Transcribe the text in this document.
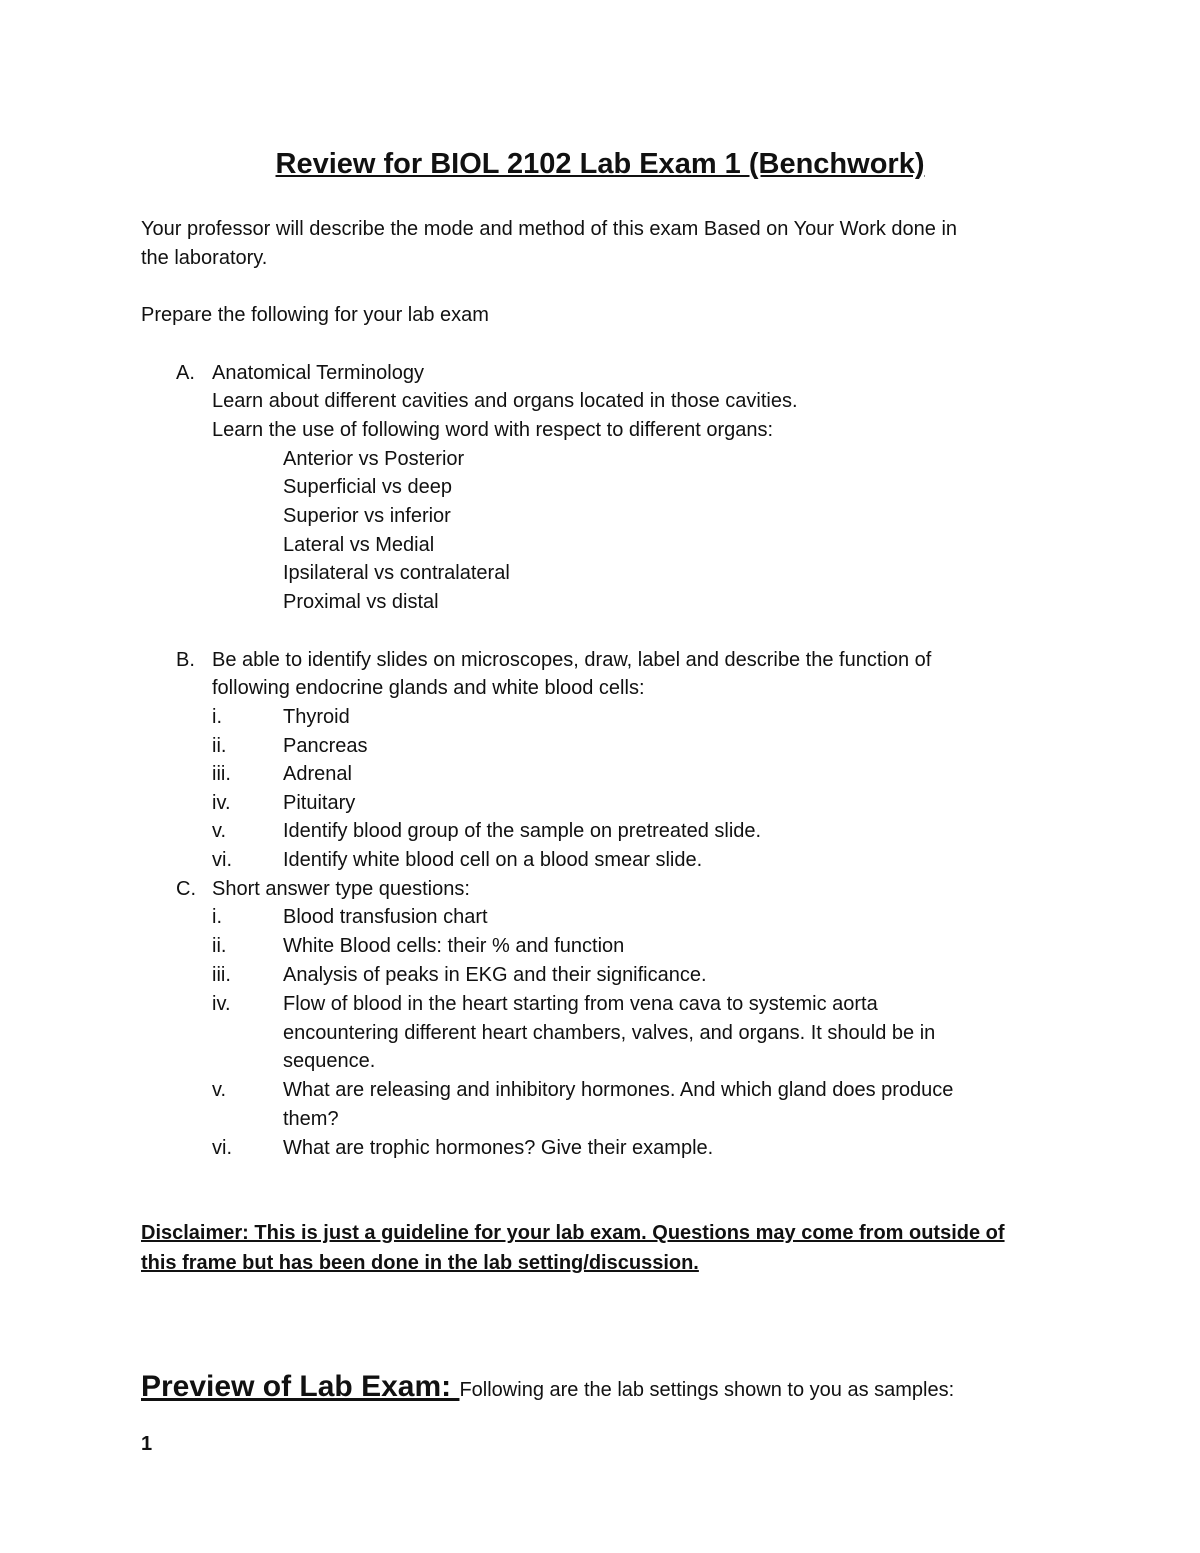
Review for BIOL 2102 Lab Exam 1 (Benchwork)
Your professor will describe the mode and method of this exam Based on Your Work done in
the laboratory.
Prepare the following for your lab exam
A. Anatomical Terminology
Learn about different cavities and organs located in those cavities.
Learn the use of following word with respect to different organs:
Anterior vs Posterior
Superficial vs deep
Superior vs inferior
Lateral vs Medial
Ipsilateral vs contralateral
Proximal vs distal
B. Be able to identify slides on microscopes, draw, label and describe the function of
following endocrine glands and white blood cells:
i.	Thyroid
ii.	Pancreas
iii.	Adrenal
iv.	Pituitary
v.	Identify blood group of the sample on pretreated slide.
vi.	Identify white blood cell on a blood smear slide.
C. Short answer type questions:
i.	Blood transfusion chart
ii.	White Blood cells: their % and function
iii.	Analysis of peaks in EKG and their significance.
iv.	Flow of blood in the heart starting from vena cava to systemic aorta
encountering different heart chambers, valves, and organs. It should be in
sequence.
v.	What are releasing and inhibitory hormones. And which gland does produce
them?
vi.	What are trophic hormones? Give their example.
Disclaimer: This is just a guideline for your lab exam. Questions may come from outside of
this frame but has been done in the lab setting/discussion.
Preview of Lab Exam: Following are the lab settings shown to you as samples:
1
